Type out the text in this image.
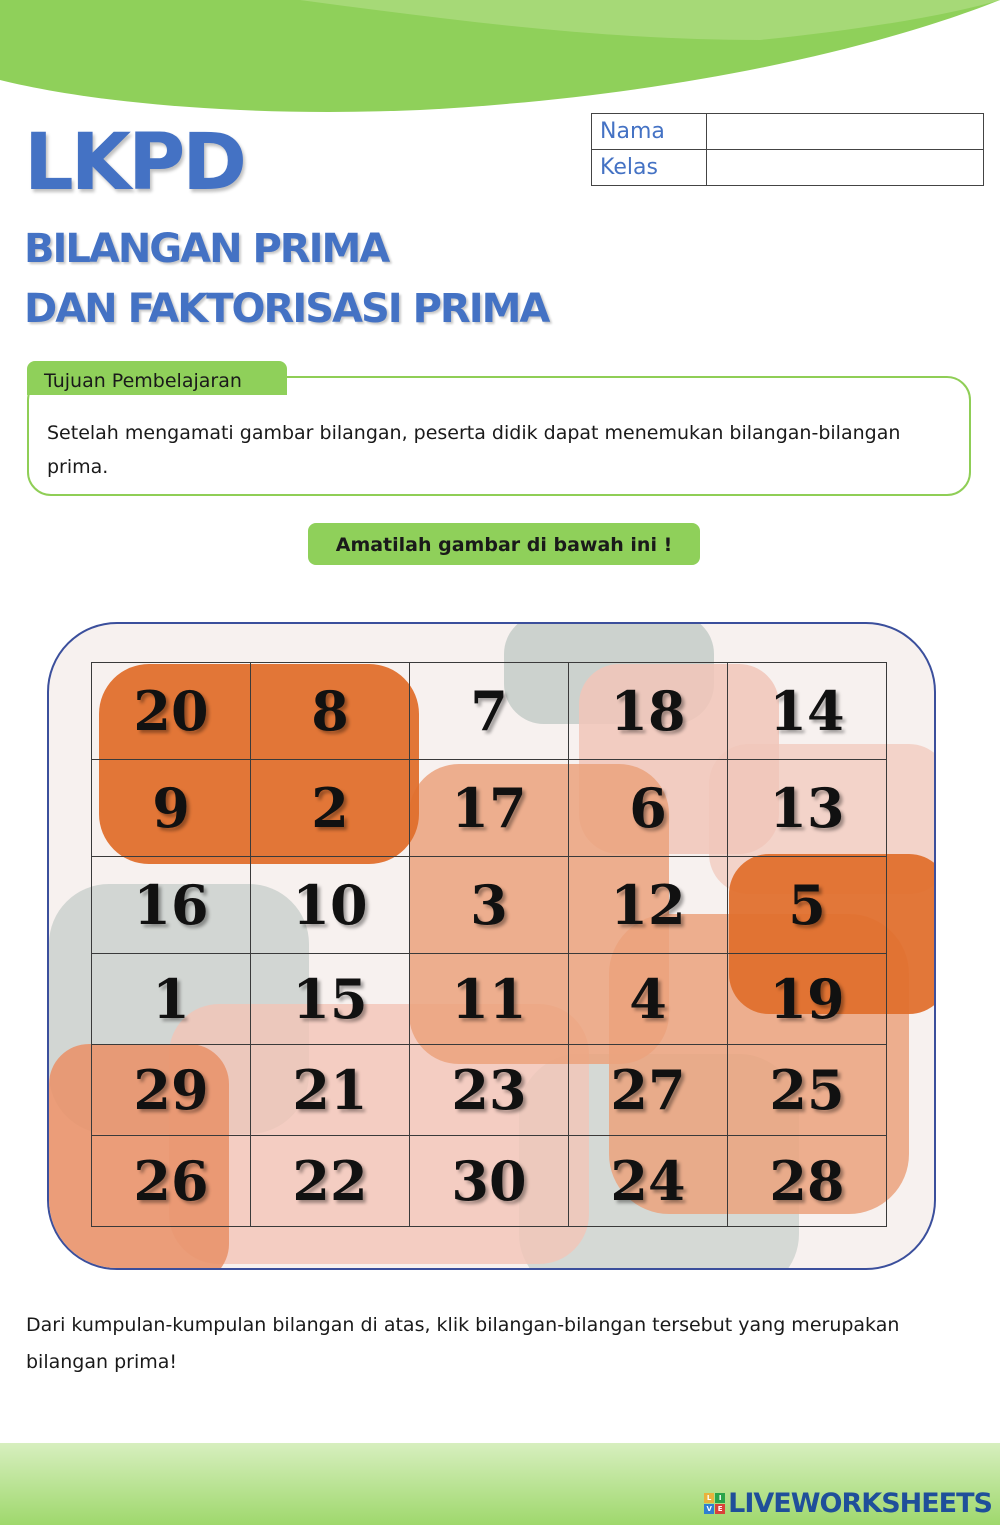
LKPD
BILANGAN PRIMA
DAN FAKTORISASI PRIMA
Nama	
Kelas	
Tujuan Pembelajaran
Setelah mengamati gambar bilangan, peserta didik dapat menemukan bilangan-bilangan prima.
Amatilah gambar di bawah ini !
20	8	7	18	14
9	2	17	6	13
16	10	3	12	5
1	15	11	4	19
29	21	23	27	25
26	22	30	24	28
Dari kumpulan-kumpulan bilangan di atas, klik bilangan-bilangan tersebut yang merupakan bilangan prima!
L	I
V E LIVEWORKSHEETS
